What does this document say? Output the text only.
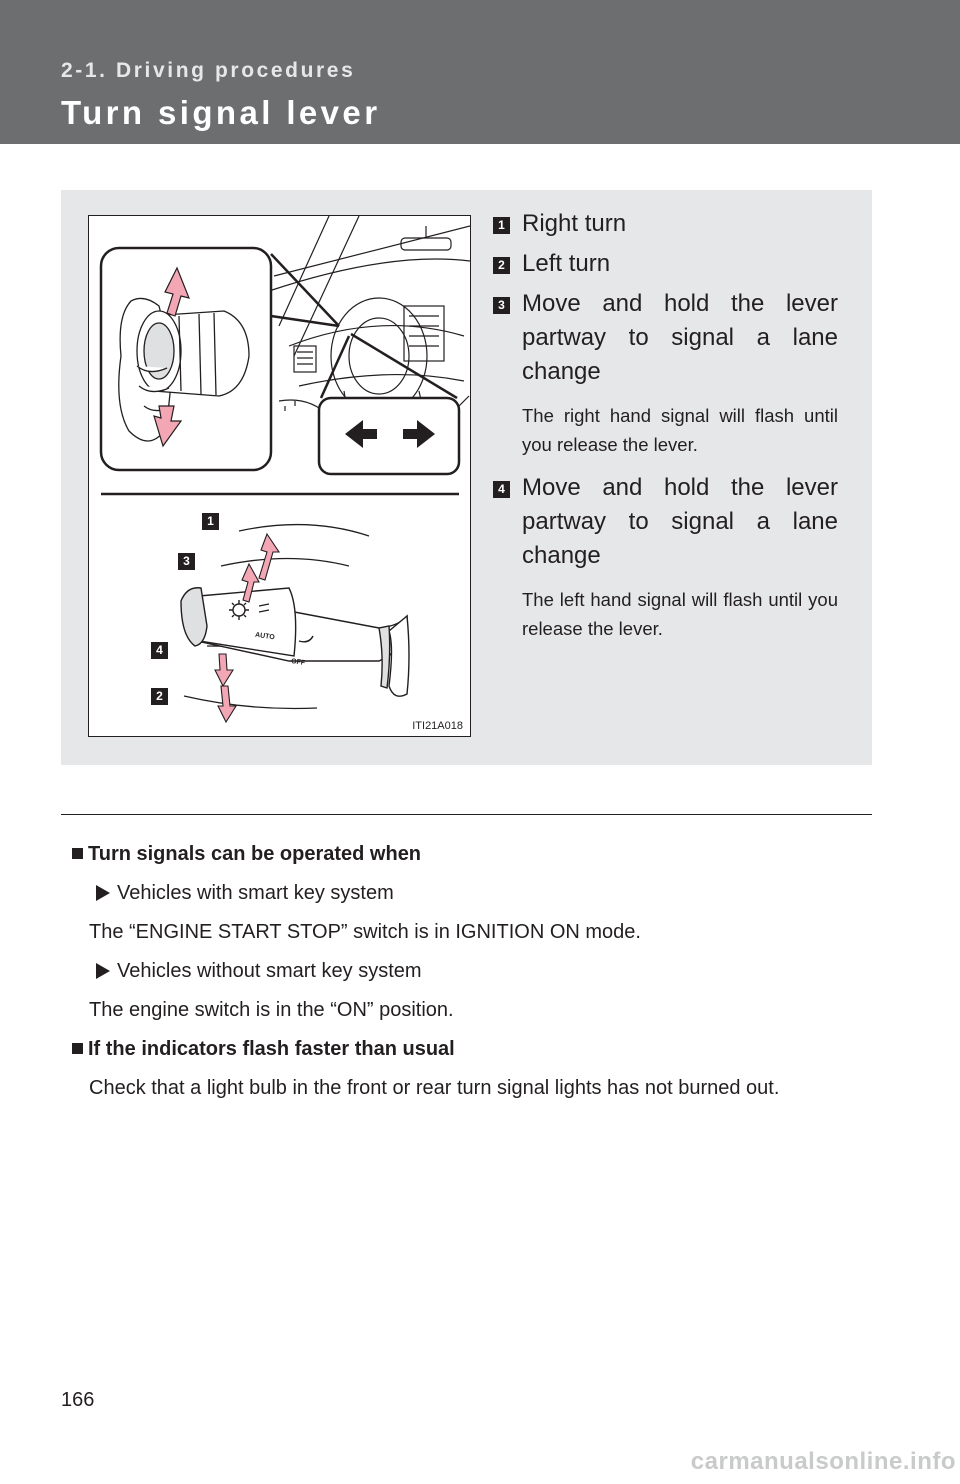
2-1. Driving procedures

Turn signal lever
1
3
4
2
AUTO
OFF
ITI21A018
1 Right turn

2 Left turn

3 Move and hold the lever partway to signal a lane change

The right hand signal will flash until you release the lever.

4 Move and hold the lever partway to signal a lane change

The left hand signal will flash until you release the lever.

Turn signals can be operated when

Vehicles with smart key system

The “ENGINE START STOP” switch is in IGNITION ON mode.

Vehicles without smart key system

The engine switch is in the “ON” position.

If the indicators flash faster than usual

Check that a light bulb in the front or rear turn signal lights has not burned out.

166

carmanualsonline.info
